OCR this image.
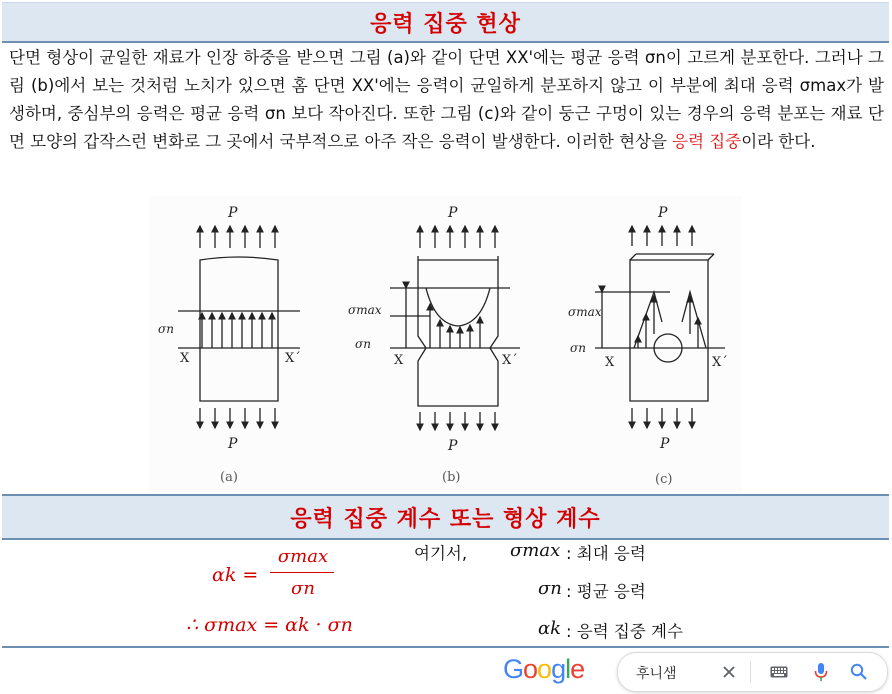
응력 집중 현상
단면 형상이 균일한 재료가 인장 하중을 받으면 그림 (a)와 같이 단면 XX'에는 평균 응력 σn이 고르게 분포한다. 그러나 그림 (b)에서 보는 것처럼 노치가 있으면 홈 단면 XX'에는 응력이 균일하게 분포하지 않고 이 부분에 최대 응력 σmax가 발생하며, 중심부의 응력은 평균 응력 σn 보다 작아진다. 또한 그림 (c)와 같이 둥근 구멍이 있는 경우의 응력 분포는 재료 단면 모양의 갑작스런 변화로 그 곳에서 국부적으로 아주 작은 응력이 발생한다. 이러한 현상을 응력 집중이라 한다.
P
σn
X	X´
P
(a)
P
σmax
σn
X	X´
P
(b)
P
σmax
σn
X	X´
P
(c)
응력 집중 계수 또는 형상 계수
αk =
σmax
σn
∴ σmax = αk · σn
여기서, σmax : 최대 응력
σn : 평균 응력
αk : 응력 집중 계수
Google	후니샘
